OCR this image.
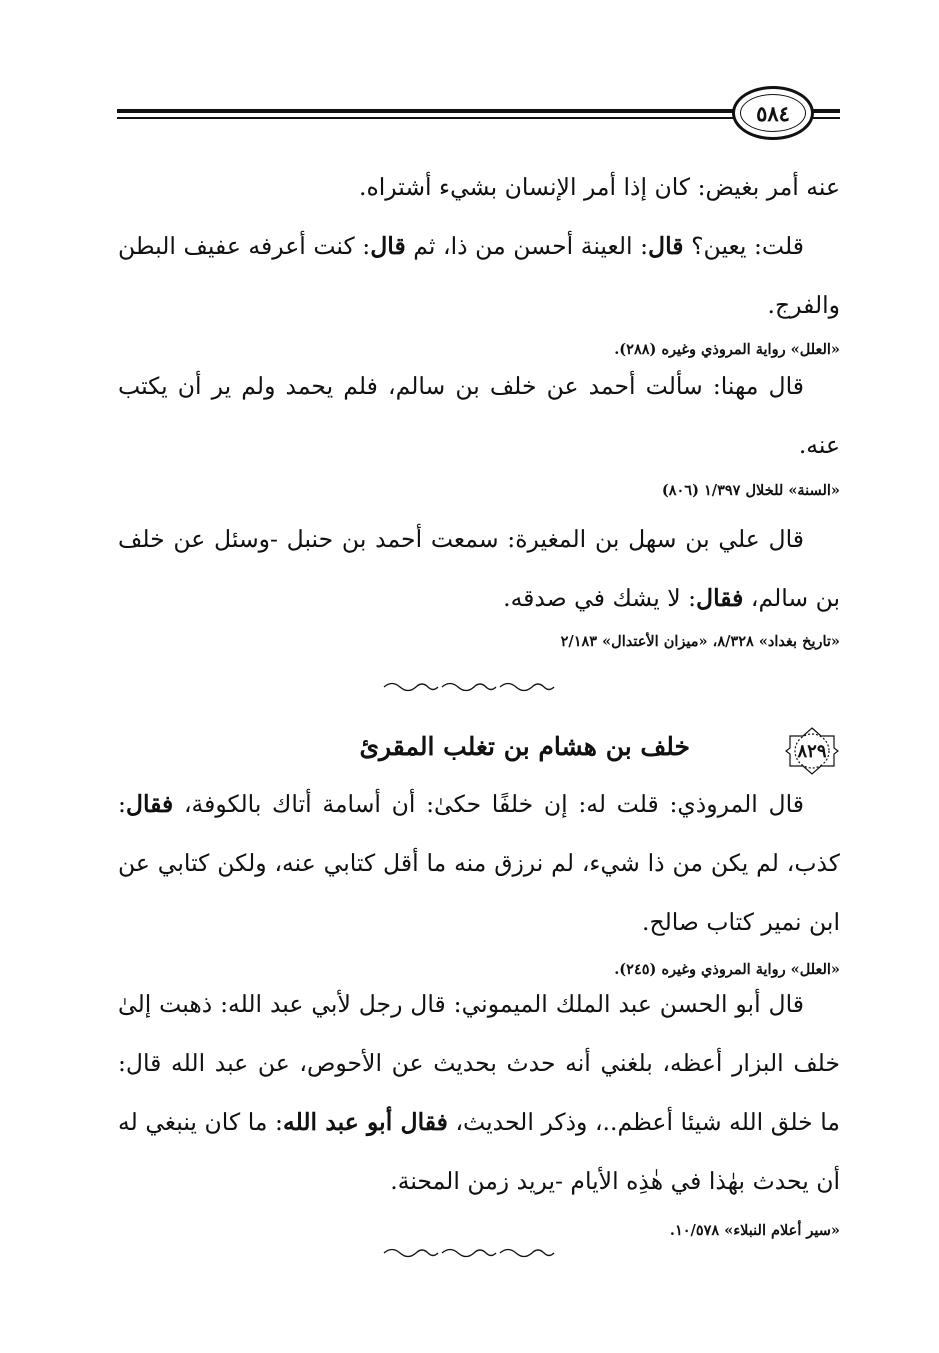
٥٨٤

عنه أمر بغيض: كان إذا أمر الإنسان بشيء أشتراه.

قلت: يعين؟ قال: العينة أحسن من ذا، ثم قال: كنت أعرفه عفيف البطن والفرج.

«العلل» رواية المروذي وغيره (٢٨٨).

قال مهنا: سألت أحمد عن خلف بن سالم، فلم يحمد ولم ير أن يكتب عنه.

«السنة» للخلال ١/٣٩٧ (٨٠٦)

قال علي بن سهل بن المغيرة: سمعت أحمد بن حنبل -وسئل عن خلف بن سالم، فقال: لا يشك في صدقه.

«تاريخ بغداد» ٨/٣٢٨، «ميزان الأعتدال» ٢/١٨٣

٨٢٩
خلف بن هشام بن تغلب المقرئ

قال المروذي: قلت له: إن خلفًا حكىٰ: أن أسامة أتاك بالكوفة، فقال: كذب، لم يكن من ذا شيء، لم نرزق منه ما أقل كتابي عنه، ولكن كتابي عن ابن نمير كتاب صالح.

«العلل» رواية المروذي وغيره (٢٤٥).

قال أبو الحسن عبد الملك الميموني: قال رجل لأبي عبد الله: ذهبت إلىٰ خلف البزار أعظه، بلغني أنه حدث بحديث عن الأحوص، عن عبد الله قال: ما خلق الله شيئا أعظم..، وذكر الحديث، فقال أبو عبد الله: ما كان ينبغي له أن يحدث بهٰذا في هٰذِه الأيام -يريد زمن المحنة.

«سير أعلام النبلاء» ١٠/٥٧٨.
